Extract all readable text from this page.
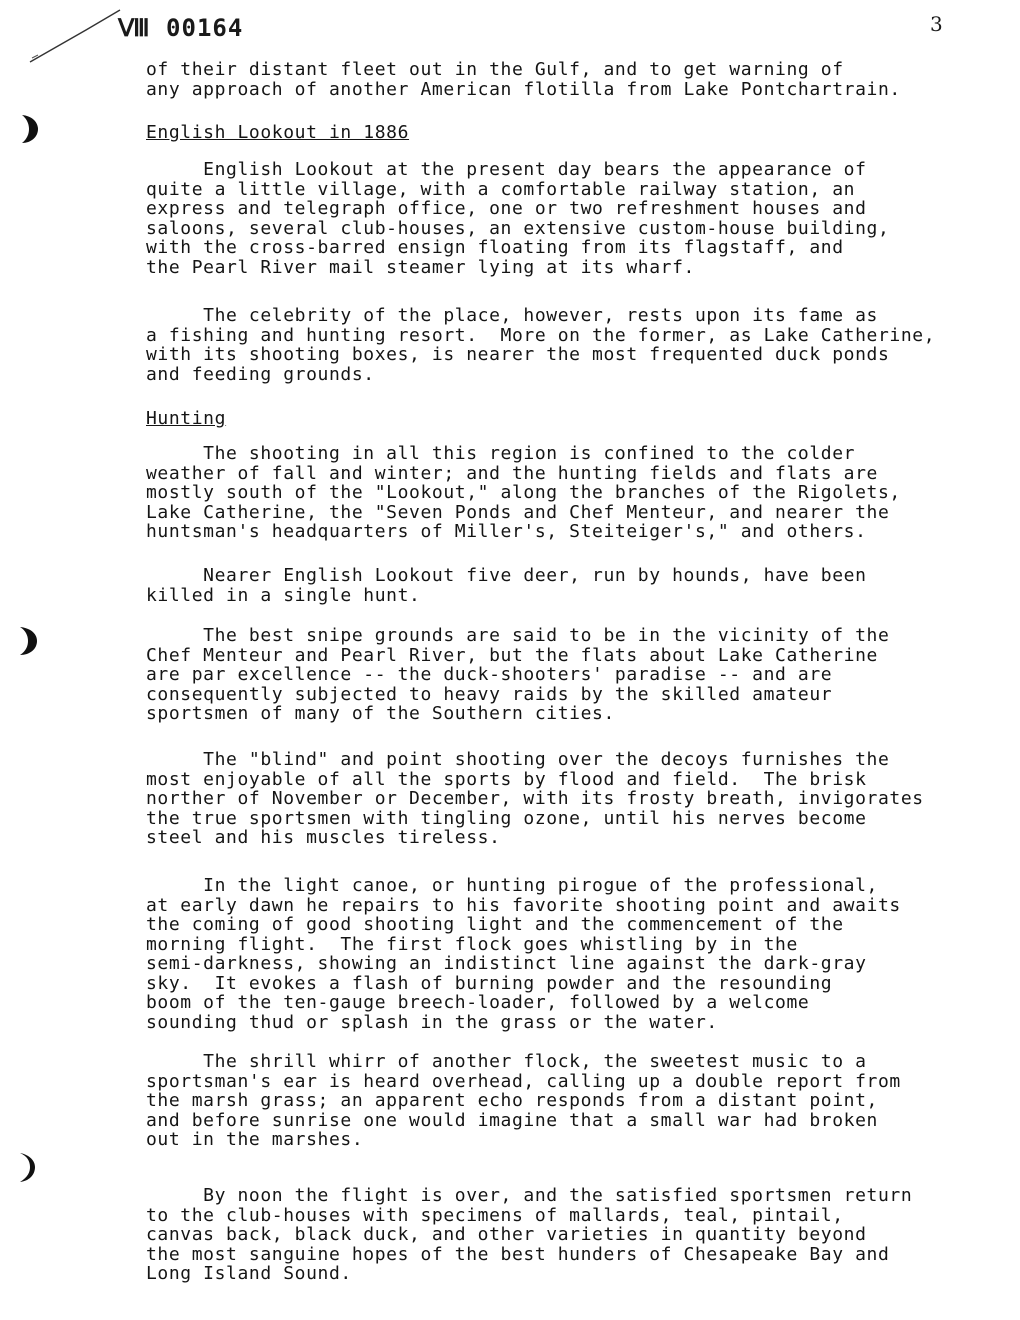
Ⅷ 00164	3
of their distant fleet out in the Gulf, and to get warning of
any approach of another American flotilla from Lake Pontchartrain.
English Lookout in 1886
English Lookout at the present day bears the appearance of
quite a little village, with a comfortable railway station, an
express and telegraph office, one or two refreshment houses and
saloons, several club-houses, an extensive custom-house building,
with the cross-barred ensign floating from its flagstaff, and
the Pearl River mail steamer lying at its wharf.
The celebrity of the place, however, rests upon its fame as
a fishing and hunting resort.  More on the former, as Lake Catherine,
with its shooting boxes, is nearer the most frequented duck ponds
and feeding grounds.
Hunting
The shooting in all this region is confined to the colder
weather of fall and winter; and the hunting fields and flats are
mostly south of the "Lookout," along the branches of the Rigolets,
Lake Catherine, the "Seven Ponds and Chef Menteur, and nearer the
huntsman's headquarters of Miller's, Steiteiger's," and others.
Nearer English Lookout five deer, run by hounds, have been
killed in a single hunt.
The best snipe grounds are said to be in the vicinity of the
Chef Menteur and Pearl River, but the flats about Lake Catherine
are par excellence -- the duck-shooters' paradise -- and are
consequently subjected to heavy raids by the skilled amateur
sportsmen of many of the Southern cities.
The "blind" and point shooting over the decoys furnishes the
most enjoyable of all the sports by flood and field.  The brisk
norther of November or December, with its frosty breath, invigorates
the true sportsmen with tingling ozone, until his nerves become
steel and his muscles tireless.
In the light canoe, or hunting pirogue of the professional,
at early dawn he repairs to his favorite shooting point and awaits
the coming of good shooting light and the commencement of the
morning flight.  The first flock goes whistling by in the
semi-darkness, showing an indistinct line against the dark-gray
sky.  It evokes a flash of burning powder and the resounding
boom of the ten-gauge breech-loader, followed by a welcome
sounding thud or splash in the grass or the water.
The shrill whirr of another flock, the sweetest music to a
sportsman's ear is heard overhead, calling up a double report from
the marsh grass; an apparent echo responds from a distant point,
and before sunrise one would imagine that a small war had broken
out in the marshes.
By noon the flight is over, and the satisfied sportsmen return
to the club-houses with specimens of mallards, teal, pintail,
canvas back, black duck, and other varieties in quantity beyond
the most sanguine hopes of the best hunders of Chesapeake Bay and
Long Island Sound.
